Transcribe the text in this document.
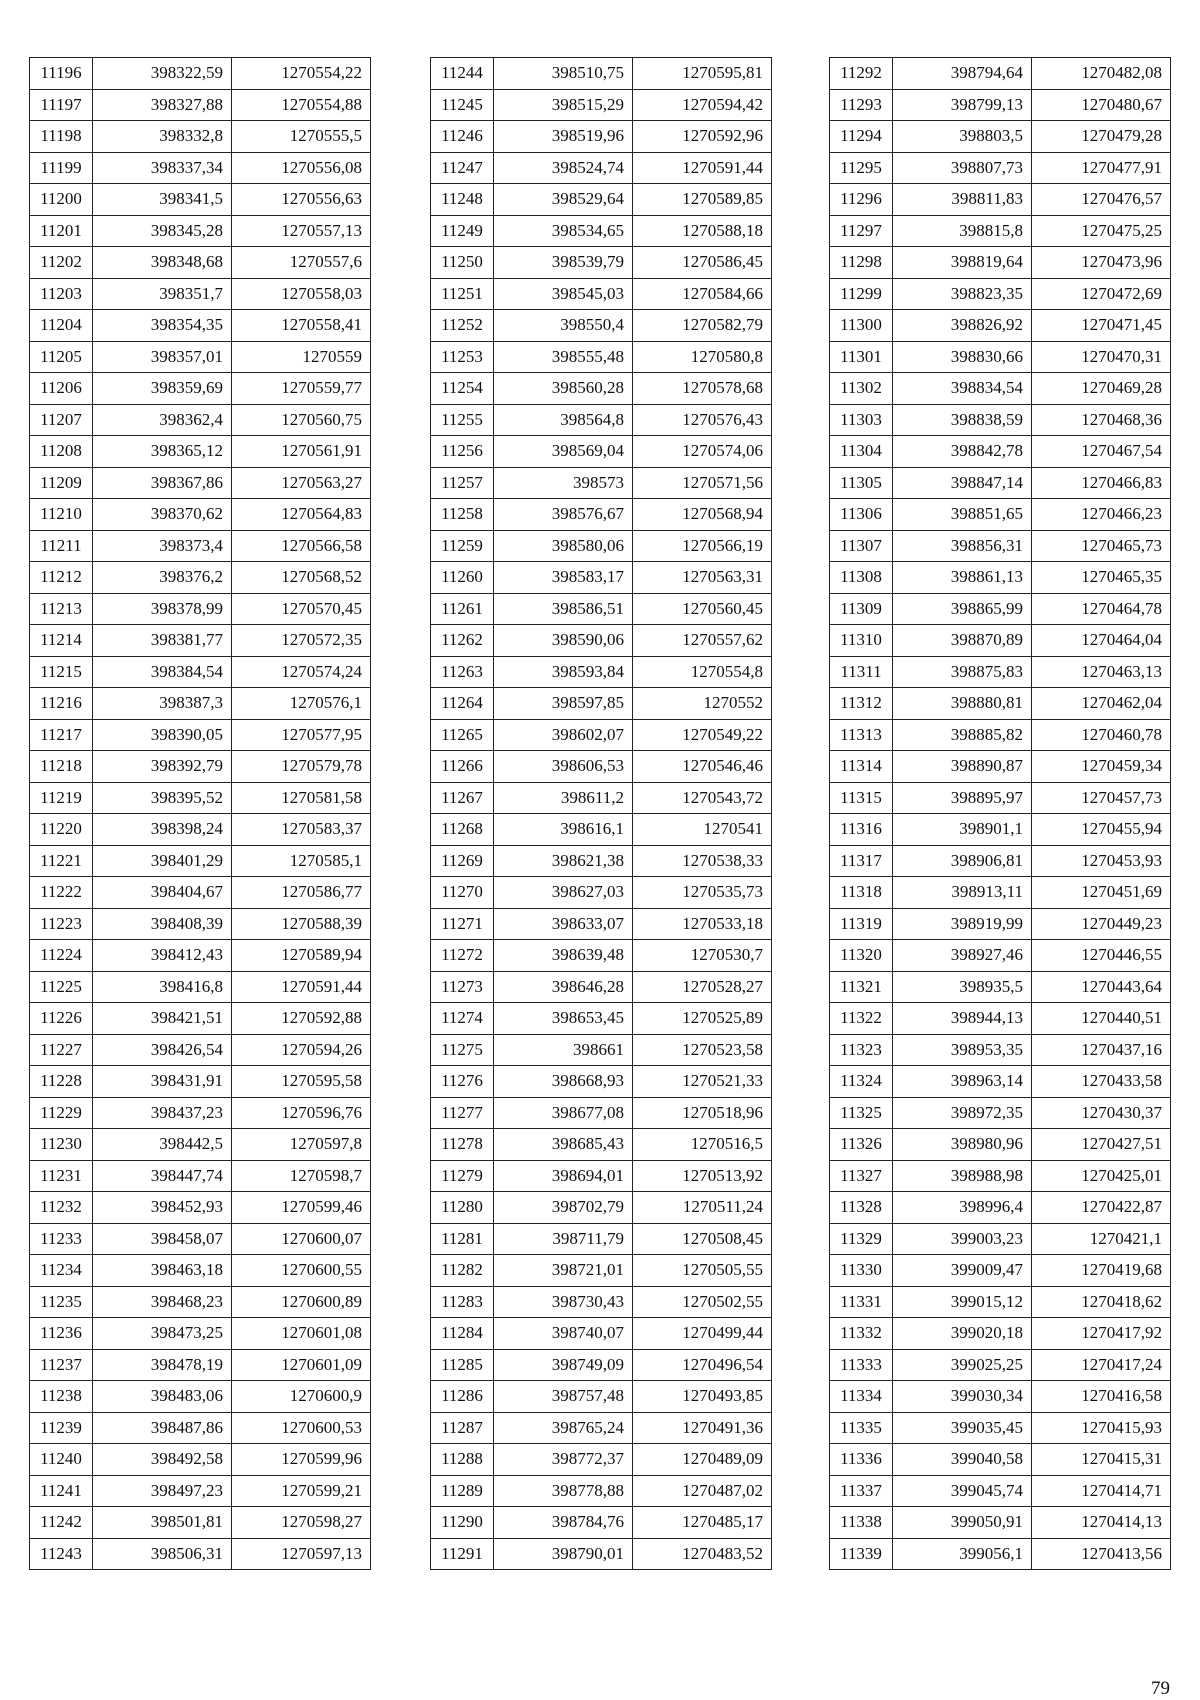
11196	398322,59	1270554,22
11197	398327,88	1270554,88
11198	398332,8	1270555,5
11199	398337,34	1270556,08
11200	398341,5	1270556,63
11201	398345,28	1270557,13
11202	398348,68	1270557,6
11203	398351,7	1270558,03
11204	398354,35	1270558,41
11205	398357,01	1270559
11206	398359,69	1270559,77
11207	398362,4	1270560,75
11208	398365,12	1270561,91
11209	398367,86	1270563,27
11210	398370,62	1270564,83
11211	398373,4	1270566,58
11212	398376,2	1270568,52
11213	398378,99	1270570,45
11214	398381,77	1270572,35
11215	398384,54	1270574,24
11216	398387,3	1270576,1
11217	398390,05	1270577,95
11218	398392,79	1270579,78
11219	398395,52	1270581,58
11220	398398,24	1270583,37
11221	398401,29	1270585,1
11222	398404,67	1270586,77
11223	398408,39	1270588,39
11224	398412,43	1270589,94
11225	398416,8	1270591,44
11226	398421,51	1270592,88
11227	398426,54	1270594,26
11228	398431,91	1270595,58
11229	398437,23	1270596,76
11230	398442,5	1270597,8
11231	398447,74	1270598,7
11232	398452,93	1270599,46
11233	398458,07	1270600,07
11234	398463,18	1270600,55
11235	398468,23	1270600,89
11236	398473,25	1270601,08
11237	398478,19	1270601,09
11238	398483,06	1270600,9
11239	398487,86	1270600,53
11240	398492,58	1270599,96
11241	398497,23	1270599,21
11242	398501,81	1270598,27
11243	398506,31	1270597,13
11244	398510,75	1270595,81
11245	398515,29	1270594,42
11246	398519,96	1270592,96
11247	398524,74	1270591,44
11248	398529,64	1270589,85
11249	398534,65	1270588,18
11250	398539,79	1270586,45
11251	398545,03	1270584,66
11252	398550,4	1270582,79
11253	398555,48	1270580,8
11254	398560,28	1270578,68
11255	398564,8	1270576,43
11256	398569,04	1270574,06
11257	398573	1270571,56
11258	398576,67	1270568,94
11259	398580,06	1270566,19
11260	398583,17	1270563,31
11261	398586,51	1270560,45
11262	398590,06	1270557,62
11263	398593,84	1270554,8
11264	398597,85	1270552
11265	398602,07	1270549,22
11266	398606,53	1270546,46
11267	398611,2	1270543,72
11268	398616,1	1270541
11269	398621,38	1270538,33
11270	398627,03	1270535,73
11271	398633,07	1270533,18
11272	398639,48	1270530,7
11273	398646,28	1270528,27
11274	398653,45	1270525,89
11275	398661	1270523,58
11276	398668,93	1270521,33
11277	398677,08	1270518,96
11278	398685,43	1270516,5
11279	398694,01	1270513,92
11280	398702,79	1270511,24
11281	398711,79	1270508,45
11282	398721,01	1270505,55
11283	398730,43	1270502,55
11284	398740,07	1270499,44
11285	398749,09	1270496,54
11286	398757,48	1270493,85
11287	398765,24	1270491,36
11288	398772,37	1270489,09
11289	398778,88	1270487,02
11290	398784,76	1270485,17
11291	398790,01	1270483,52
11292	398794,64	1270482,08
11293	398799,13	1270480,67
11294	398803,5	1270479,28
11295	398807,73	1270477,91
11296	398811,83	1270476,57
11297	398815,8	1270475,25
11298	398819,64	1270473,96
11299	398823,35	1270472,69
11300	398826,92	1270471,45
11301	398830,66	1270470,31
11302	398834,54	1270469,28
11303	398838,59	1270468,36
11304	398842,78	1270467,54
11305	398847,14	1270466,83
11306	398851,65	1270466,23
11307	398856,31	1270465,73
11308	398861,13	1270465,35
11309	398865,99	1270464,78
11310	398870,89	1270464,04
11311	398875,83	1270463,13
11312	398880,81	1270462,04
11313	398885,82	1270460,78
11314	398890,87	1270459,34
11315	398895,97	1270457,73
11316	398901,1	1270455,94
11317	398906,81	1270453,93
11318	398913,11	1270451,69
11319	398919,99	1270449,23
11320	398927,46	1270446,55
11321	398935,5	1270443,64
11322	398944,13	1270440,51
11323	398953,35	1270437,16
11324	398963,14	1270433,58
11325	398972,35	1270430,37
11326	398980,96	1270427,51
11327	398988,98	1270425,01
11328	398996,4	1270422,87
11329	399003,23	1270421,1
11330	399009,47	1270419,68
11331	399015,12	1270418,62
11332	399020,18	1270417,92
11333	399025,25	1270417,24
11334	399030,34	1270416,58
11335	399035,45	1270415,93
11336	399040,58	1270415,31
11337	399045,74	1270414,71
11338	399050,91	1270414,13
11339	399056,1	1270413,56
79
